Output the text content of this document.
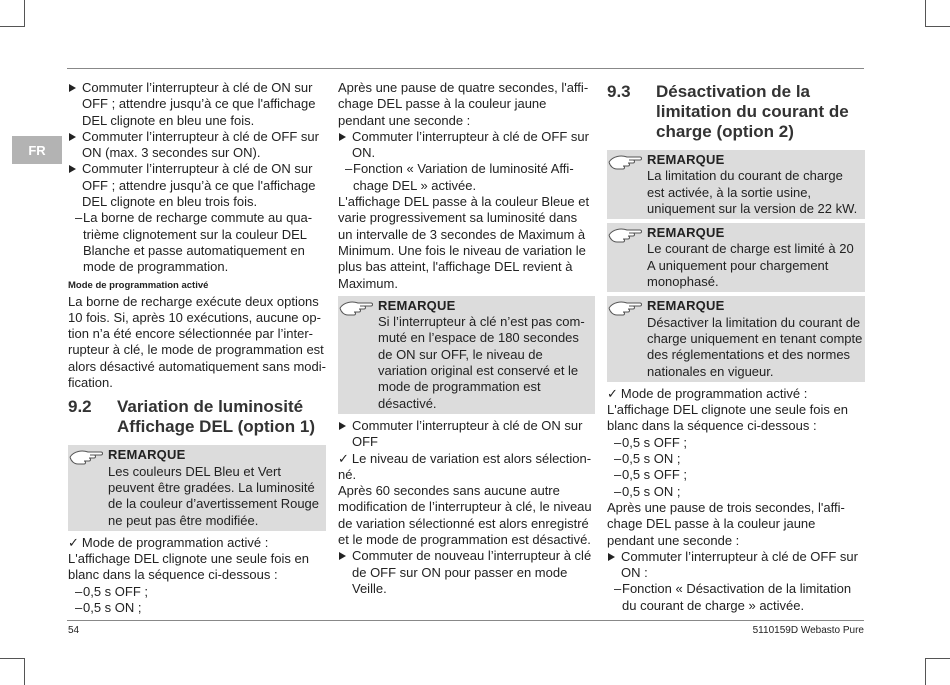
FR

Commuter l’interrupteur à clé de ON sur OFF ; attendre jusqu’à ce que l'affichage DEL clignote en bleu une fois.

Commuter l’interrupteur à clé de OFF sur ON (max. 3 secondes sur ON).

Commuter l’interrupteur à clé de ON sur OFF ; attendre jusqu’à ce que l'affichage DEL clignote en bleu trois fois.

– La borne de recharge commute au quatrième clignotement sur la couleur DEL Blanche et passe automatiquement en mode de programmation.

Mode de programmation activé

La borne de recharge exécute deux options 10 fois. Si, après 10 exécutions, aucune option n’a été encore sélectionnée par l’interrupteur à clé, le mode de programmation est alors désactivé automatiquement sans modification.

9.2	Variation de luminosité Affichage DEL (option 1)
REMARQUE
Les couleurs DEL Bleu et Vert peuvent être gradées. La luminosité de la couleur d’avertissement Rouge ne peut pas être modifiée.

✓ Mode de programmation activé :

L'affichage DEL clignote une seule fois en blanc dans la séquence ci-dessous :

– 0,5 s OFF ;

– 0,5 s ON ;

Après une pause de quatre secondes, l'affichage DEL passe à la couleur jaune pendant une seconde :

Commuter l’interrupteur à clé de OFF sur ON.

– Fonction « Variation de luminosité Affichage DEL » activée.

L'affichage DEL passe à la couleur Bleue et varie progressivement sa luminosité dans un intervalle de 3 secondes de Maximum à Minimum. Une fois le niveau de variation le plus bas atteint, l'affichage DEL revient à Maximum.

REMARQUE
Si l’interrupteur à clé n’est pas commuté en l’espace de 180 secondes de ON sur OFF, le niveau de variation original est conservé et le mode de programmation est désactivé.

Commuter l’interrupteur à clé de ON sur OFF

✓ Le niveau de variation est alors sélectionné.

Après 60 secondes sans aucune autre modification de l’interrupteur à clé, le niveau de variation sélectionné est alors enregistré et le mode de programmation est désactivé.

Commuter de nouveau l’interrupteur à clé de OFF sur ON pour passer en mode Veille.

9.3	Désactivation de la limitation du courant de charge (option 2)
REMARQUE
La limitation du courant de charge est activée, à la sortie usine, uniquement sur la version de 22 kW.
REMARQUE
Le courant de charge est limité à 20 A uniquement pour chargement monophasé.
REMARQUE
Désactiver la limitation du courant de charge uniquement en tenant compte des réglementations et des normes nationales en vigueur.

✓ Mode de programmation activé :

L'affichage DEL clignote une seule fois en blanc dans la séquence ci-dessous :

– 0,5 s OFF ;

– 0,5 s ON ;

– 0,5 s OFF ;

– 0,5 s ON ;

Après une pause de trois secondes, l'affichage DEL passe à la couleur jaune pendant une seconde :

Commuter l’interrupteur à clé de OFF sur ON :

– Fonction « Désactivation de la limitation du courant de charge » activée.

54	5110159D Webasto Pure
